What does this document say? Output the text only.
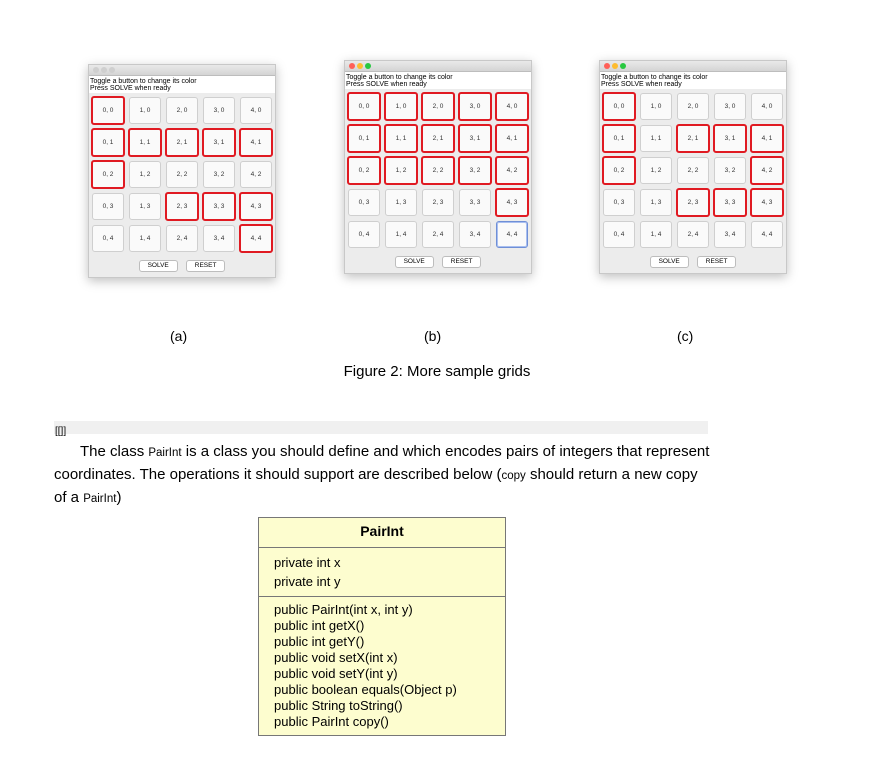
Toggle a button to change its color
Press SOLVE when ready
0, 0	1, 0	2, 0	3, 0	4, 0
0, 1	1, 1	2, 1	3, 1	4, 1
0, 2	1, 2	2, 2	3, 2	4, 2
0, 3	1, 3	2, 3	3, 3	4, 3
0, 4	1, 4	2, 4	3, 4	4, 4
SOLVE	RESET
Toggle a button to change its color
Press SOLVE when ready
0, 0	1, 0	2, 0	3, 0	4, 0
0, 1	1, 1	2, 1	3, 1	4, 1
0, 2	1, 2	2, 2	3, 2	4, 2
0, 3	1, 3	2, 3	3, 3	4, 3
0, 4	1, 4	2, 4	3, 4	4, 4
SOLVE	RESET
Toggle a button to change its color
Press SOLVE when ready
0, 0	1, 0	2, 0	3, 0	4, 0
0, 1	1, 1	2, 1	3, 1	4, 1
0, 2	1, 2	2, 2	3, 2	4, 2
0, 3	1, 3	2, 3	3, 3	4, 3
0, 4	1, 4	2, 4	3, 4	4, 4
SOLVE	RESET
(a)	(b)	(c)
Figure 2: More sample grids
[[]]
The class PairInt is a class you should define and which encodes pairs of integers that represent coordinates. The operations it should support are described below (copy should return a new copy of a PairInt)
PairInt
private int x
private int y
public PairInt(int x, int y)
public int getX()
public int getY()
public void setX(int x)
public void setY(int y)
public boolean equals(Object p)
public String toString()
public PairInt copy()
